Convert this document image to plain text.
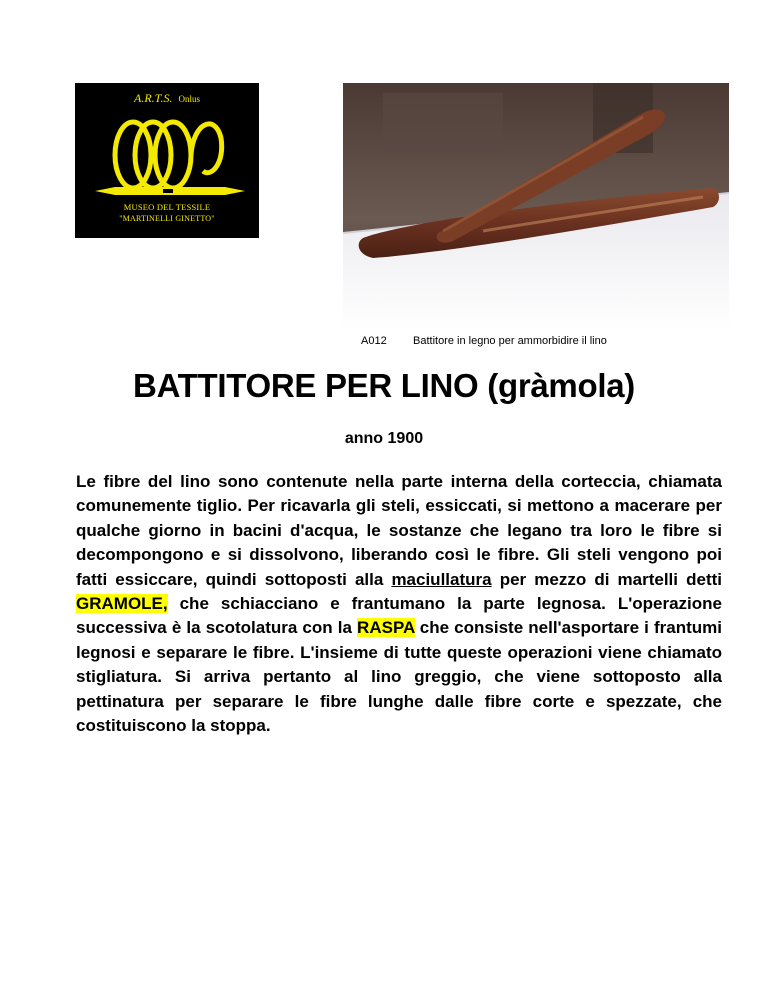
A.R.T.S. Onlus
MUSEO DEL TESSILE
"MARTINELLI GINETTO"
A012 Battitore in legno per ammorbidire il lino
BATTITORE PER LINO (gràmola)
anno 1900

Le fibre del lino sono contenute nella parte interna della corteccia, chiamata comunemente tiglio. Per ricavarla gli steli, essiccati, si mettono a macerare per qualche giorno in bacini d'acqua, le sostanze che legano tra loro le fibre si decompongono e si dissolvono, liberando così le fibre. Gli steli vengono poi fatti essiccare, quindi sottoposti alla maciullatura per mezzo di martelli detti GRAMOLE, che schiacciano e frantumano la parte legnosa. L'operazione successiva è la scotolatura con la RASPA che consiste nell'asportare i frantumi legnosi e separare le fibre. L'insieme di tutte queste operazioni viene chiamato stigliatura. Si arriva pertanto al lino greggio, che viene sottoposto alla pettinatura per separare le fibre lunghe dalle fibre corte e spezzate, che costituiscono la stoppa.
